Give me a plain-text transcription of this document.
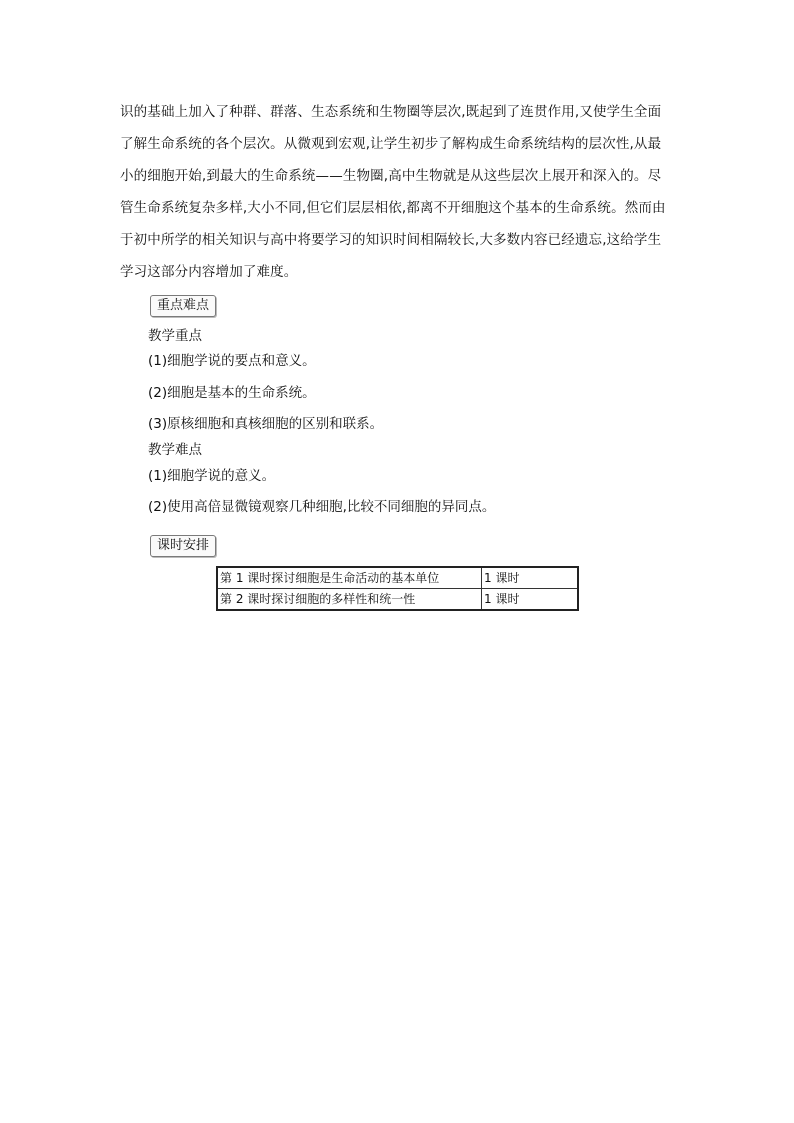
识的基础上加入了种群、群落、生态系统和生物圈等层次,既起到了连贯作用,又使学生全面
了解生命系统的各个层次。从微观到宏观,让学生初步了解构成生命系统结构的层次性,从最
小的细胞开始,到最大的生命系统——生物圈,高中生物就是从这些层次上展开和深入的。尽
管生命系统复杂多样,大小不同,但它们层层相依,都离不开细胞这个基本的生命系统。然而由
于初中所学的相关知识与高中将要学习的知识时间相隔较长,大多数内容已经遗忘,这给学生
学习这部分内容增加了难度。
重点难点
教学重点
(1)细胞学说的要点和意义。
(2)细胞是基本的生命系统。
(3)原核细胞和真核细胞的区别和联系。
教学难点
(1)细胞学说的意义。
(2)使用高倍显微镜观察几种细胞,比较不同细胞的异同点。
课时安排
第 1 课时探讨细胞是生命活动的基本单位	1 课时
第 2 课时探讨细胞的多样性和统一性	1 课时
